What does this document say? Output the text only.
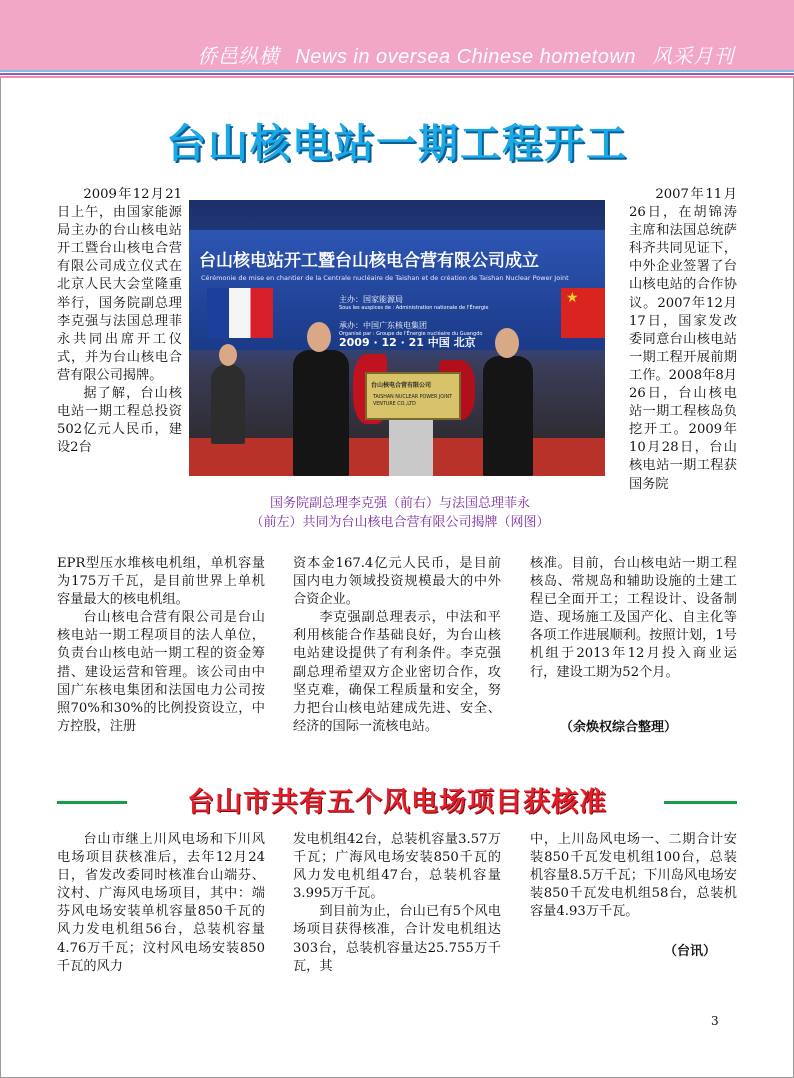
侨邑纵横 News in oversea Chinese hometown 风采月刊
台山核电站一期工程开工

2009年12月21日上午，由国家能源局主办的台山核电站开工暨台山核电合营有限公司成立仪式在北京人民大会堂隆重举行，国务院副总理李克强与法国总理菲永共同出席开工仪式，并为台山核电合营有限公司揭牌。

据了解，台山核电站一期工程总投资502亿元人民币，建设2台

台山核电站开工暨台山核电合营有限公司成立
Cérémonie de mise en chantier de la Centrale nucléaire de Taishan et de création de Taishan Nuclear Power Joint
主办：国家能源局
Sous les auspices de : Administration nationale de l'Énergie
承办：中国广东核电集团
Organisé par : Groupe de l'Énergie nucléaire du Guangdo
2009 · 12 · 21 中国 北京
★
台山核电合营有限公司
TAISHAN NUCLEAR POWER JOINT VENTURE CO.,LTD

2007年11月26日，在胡锦涛主席和法国总统萨科齐共同见证下，中外企业签署了台山核电站的合作协议。2007年12月17日，国家发改委同意台山核电站一期工程开展前期工作。2008年8月26日，台山核电站一期工程核岛负挖开工。2009年10月28日，台山核电站一期工程获国务院

国务院副总理李克强（前右）与法国总理菲永

（前左）共同为台山核电合营有限公司揭牌（网图）

EPR型压水堆核电机组，单机容量为175万千瓦，是目前世界上单机容量最大的核电机组。

台山核电合营有限公司是台山核电站一期工程项目的法人单位，负责台山核电站一期工程的资金筹措、建设运营和管理。该公司由中国广东核电集团和法国电力公司按照70%和30%的比例投资设立，中方控股，注册

资本金167.4亿元人民币，是目前国内电力领域投资规模最大的中外合资企业。

李克强副总理表示，中法和平利用核能合作基础良好，为台山核电站建设提供了有利条件。李克强副总理希望双方企业密切合作，攻坚克难，确保工程质量和安全，努力把台山核电站建成先进、安全、经济的国际一流核电站。

核准。目前，台山核电站一期工程核岛、常规岛和辅助设施的土建工程已全面开工；工程设计、设备制造、现场施工及国产化、自主化等各项工作进展顺利。按照计划，1号机组于2013年12月投入商业运行，建设工期为52个月。

（余焕权综合整理）
台山市共有五个风电场项目获核准

台山市继上川风电场和下川风电场项目获核准后，去年12月24日，省发改委同时核准台山端芬、汶村、广海风电场项目，其中：端芬风电场安装单机容量850千瓦的风力发电机组56台，总装机容量4.76万千瓦；汶村风电场安装850千瓦的风力

发电机组42台，总装机容量3.57万千瓦；广海风电场安装850千瓦的风力发电机组47台，总装机容量3.995万千瓦。

到目前为止，台山已有5个风电场项目获得核准，合计发电机组达303台，总装机容量达25.755万千瓦，其

中，上川岛风电场一、二期合计安装850千瓦发电机组100台，总装机容量8.5万千瓦；下川岛风电场安装850千瓦发电机组58台，总装机容量4.93万千瓦。

（台讯）
3
